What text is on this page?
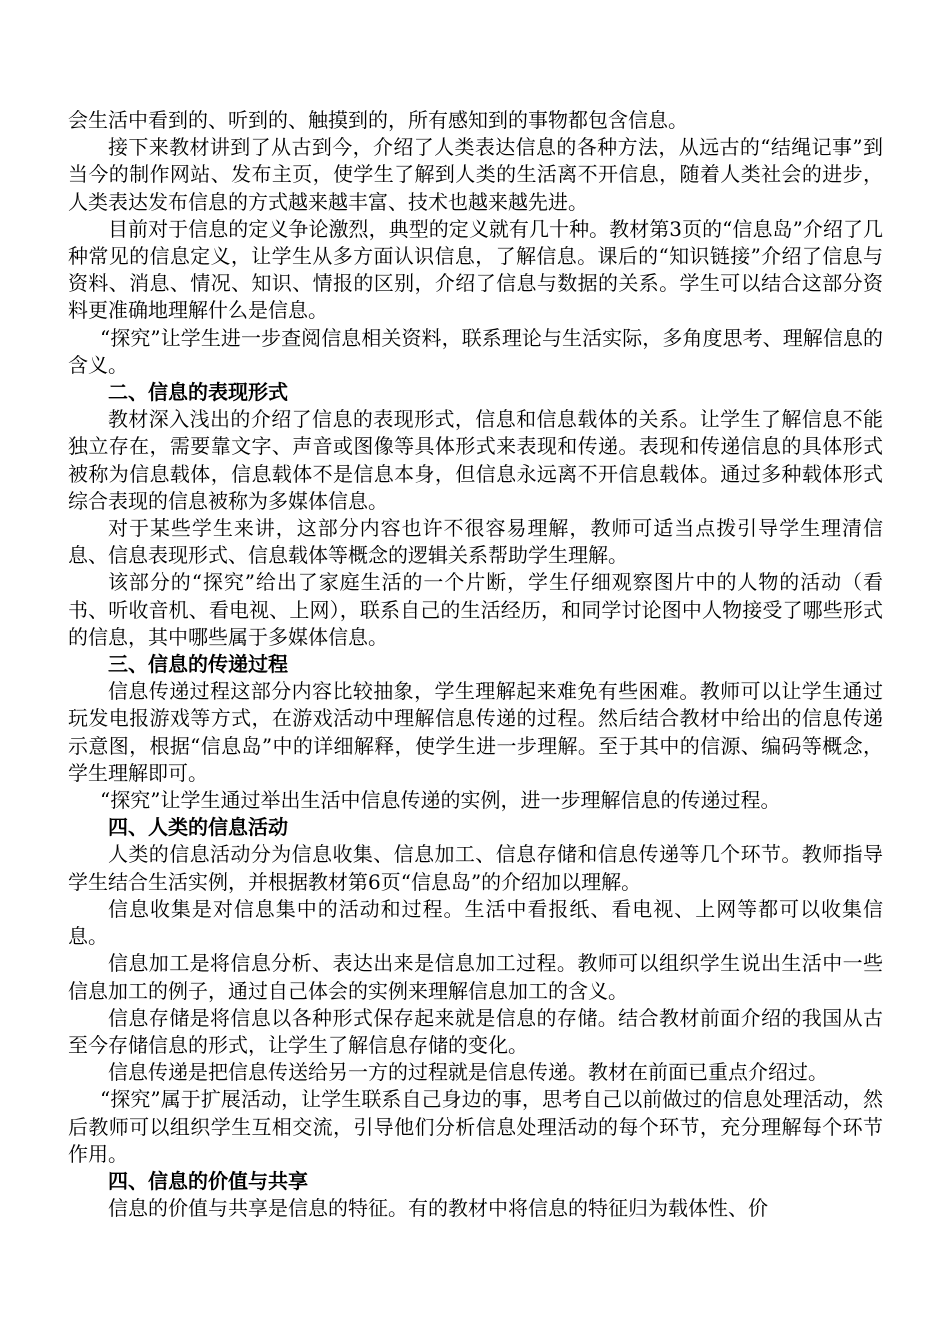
会生活中看到的、听到的、触摸到的，所有感知到的事物都包含信息。

接下来教材讲到了从古到今，介绍了人类表达信息的各种方法，从远古的“结绳记事”到当今的制作网站、发布主页，使学生了解到人类的生活离不开信息，随着人类社会的进步，人类表达发布信息的方式越来越丰富、技术也越来越先进。

目前对于信息的定义争论激烈，典型的定义就有几十种。教材第3页的“信息岛”介绍了几种常见的信息定义，让学生从多方面认识信息，了解信息。课后的“知识链接”介绍了信息与资料、消息、情况、知识、情报的区别，介绍了信息与数据的关系。学生可以结合这部分资料更准确地理解什么是信息。

“探究”让学生进一步查阅信息相关资料，联系理论与生活实际，多角度思考、理解信息的含义。

二、信息的表现形式

教材深入浅出的介绍了信息的表现形式，信息和信息载体的关系。让学生了解信息不能独立存在，需要靠文字、声音或图像等具体形式来表现和传递。表现和传递信息的具体形式被称为信息载体，信息载体不是信息本身，但信息永远离不开信息载体。通过多种载体形式综合表现的信息被称为多媒体信息。

对于某些学生来讲，这部分内容也许不很容易理解，教师可适当点拨引导学生理清信息、信息表现形式、信息载体等概念的逻辑关系帮助学生理解。

该部分的“探究”给出了家庭生活的一个片断，学生仔细观察图片中的人物的活动（看书、听收音机、看电视、上网），联系自己的生活经历，和同学讨论图中人物接受了哪些形式的信息，其中哪些属于多媒体信息。

三、信息的传递过程

信息传递过程这部分内容比较抽象，学生理解起来难免有些困难。教师可以让学生通过玩发电报游戏等方式，在游戏活动中理解信息传递的过程。然后结合教材中给出的信息传递示意图，根据“信息岛”中的详细解释，使学生进一步理解。至于其中的信源、编码等概念，学生理解即可。

“探究”让学生通过举出生活中信息传递的实例，进一步理解信息的传递过程。

四、人类的信息活动

人类的信息活动分为信息收集、信息加工、信息存储和信息传递等几个环节。教师指导学生结合生活实例，并根据教材第6页“信息岛”的介绍加以理解。

信息收集是对信息集中的活动和过程。生活中看报纸、看电视、上网等都可以收集信息。

信息加工是将信息分析、表达出来是信息加工过程。教师可以组织学生说出生活中一些信息加工的例子，通过自己体会的实例来理解信息加工的含义。

信息存储是将信息以各种形式保存起来就是信息的存储。结合教材前面介绍的我国从古至今存储信息的形式，让学生了解信息存储的变化。

信息传递是把信息传送给另一方的过程就是信息传递。教材在前面已重点介绍过。

“探究”属于扩展活动，让学生联系自己身边的事，思考自己以前做过的信息处理活动，然后教师可以组织学生互相交流，引导他们分析信息处理活动的每个环节，充分理解每个环节作用。

四、信息的价值与共享

信息的价值与共享是信息的特征。有的教材中将信息的特征归为载体性、价
